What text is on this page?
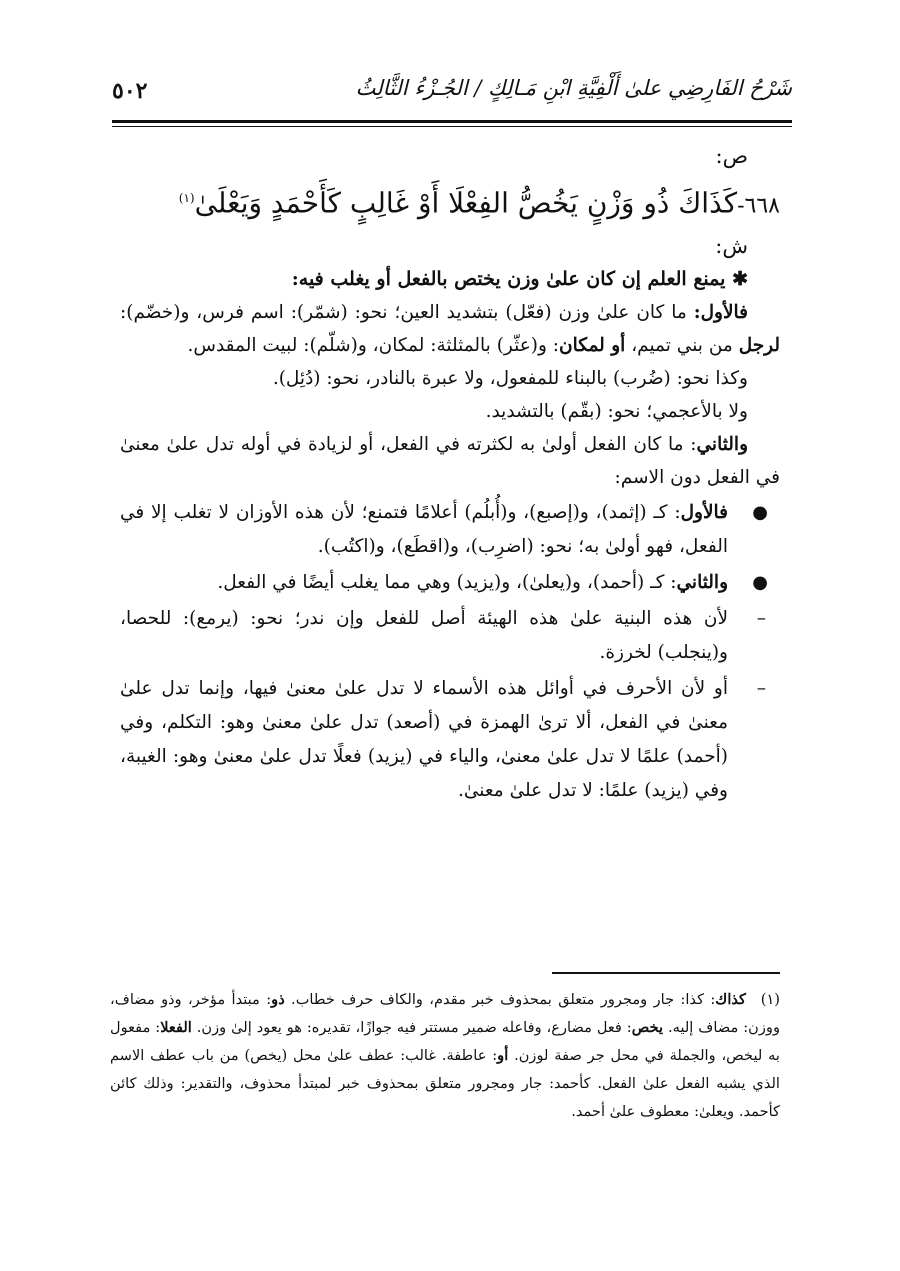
شَرْحُ الفَارِضِي علىٰ أَلْفِيَّةِ ابْنِ مَـالِكٍ / الجُـزْءُ الثَّالِثُ
٥٠٢
ص:
٦٦٨-كَذَاكَ ذُو وَزْنٍ يَخُصُّ الفِعْلَا أَوْ غَالِبٍ كَأَحْمَدٍ وَيَعْلَىٰ$^{(١)}$
ش:
✱ يمنع العلم إن كان علىٰ وزن يختص بالفعل أو يغلب فيه:

فالأول: ما كان علىٰ وزن (فعّل) بتشديد العين؛ نحو: (شمّر): اسم فرس، و(خضّم): لرجل من بني تميم، أو لمكان: و(عثّر) بالمثلثة: لمكان، و(شلّم): لبيت المقدس.

وكذا نحو: (ضُرب) بالبناء للمفعول، ولا عبرة بالنادر، نحو: (دُئِل).

ولا بالأعجمي؛ نحو: (بقّم) بالتشديد.

والثاني: ما كان الفعل أولىٰ به لكثرته في الفعل، أو لزيادة في أوله تدل علىٰ معنىٰ في الفعل دون الاسم:

●
فالأول: كـ (إثمد)، و(إصبع)، و(أُبلُم) أعلامًا فتمنع؛ لأن هذه الأوزان لا تغلب إلا في الفعل، فهو أولىٰ به؛ نحو: (اضرِب)، و(اقطَع)، و(اكتُب).
●
والثاني: كـ (أحمد)، و(يعلىٰ)، و(يزيد) وهي مما يغلب أيضًا في الفعل.
–
لأن هذه البنية علىٰ هذه الهيئة أصل للفعل وإن ندر؛ نحو: (يرمع): للحصا، و(ينجلب) لخرزة.
–
أو لأن الأحرف في أوائل هذه الأسماء لا تدل علىٰ معنىٰ فيها، وإنما تدل علىٰ معنىٰ في الفعل، ألا ترىٰ الهمزة في (أصعد) تدل علىٰ معنىٰ وهو: التكلم، وفي (أحمد) علمًا لا تدل علىٰ معنىٰ، والياء في (يزيد) فعلًا تدل علىٰ معنىٰ وهو: الغيبة، وفي (يزيد) علمًا: لا تدل علىٰ معنىٰ.
(١)كذاك: كذا: جار ومجرور متعلق بمحذوف خبر مقدم، والكاف حرف خطاب. ذو: مبتدأ مؤخر، وذو مضاف، ووزن: مضاف إليه. يخص: فعل مضارع، وفاعله ضمير مستتر فيه جوازًا، تقديره: هو يعود إلىٰ وزن. الفعلا: مفعول به ليخص، والجملة في محل جر صفة لوزن. أو: عاطفة. غالب: عطف علىٰ محل (يخص) من باب عطف الاسم الذي يشبه الفعل علىٰ الفعل. كأحمد: جار ومجرور متعلق بمحذوف خبر لمبتدأ محذوف، والتقدير: وذلك كائن كأحمد. ويعلىٰ: معطوف علىٰ أحمد.
